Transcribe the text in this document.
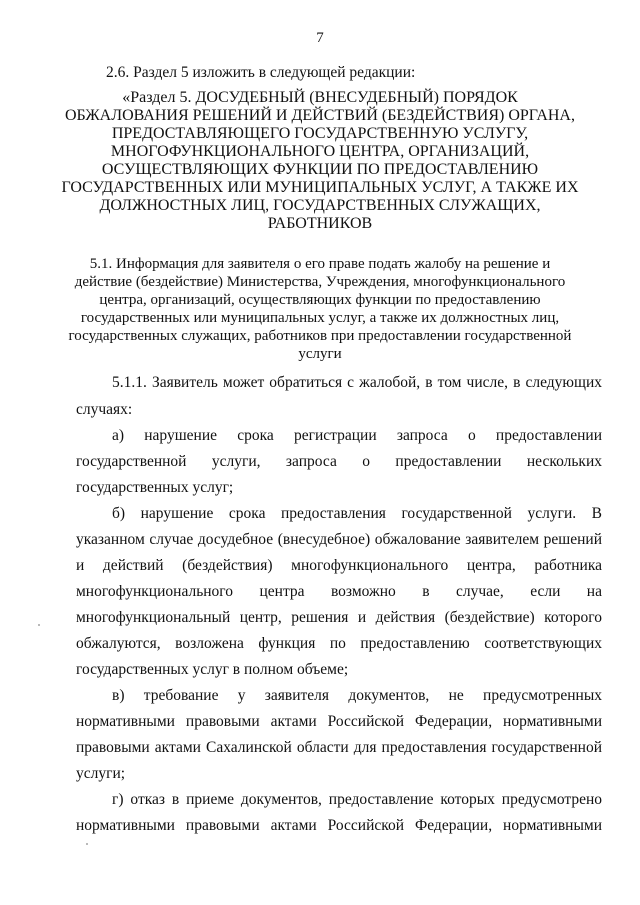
7
2.6. Раздел 5 изложить в следующей редакции:
«Раздел 5. ДОСУДЕБНЫЙ (ВНЕСУДЕБНЫЙ) ПОРЯДОК
ОБЖАЛОВАНИЯ РЕШЕНИЙ И ДЕЙСТВИЙ (БЕЗДЕЙСТВИЯ) ОРГАНА,
ПРЕДОСТАВЛЯЮЩЕГО ГОСУДАРСТВЕННУЮ УСЛУГУ,
МНОГОФУНКЦИОНАЛЬНОГО ЦЕНТРА, ОРГАНИЗАЦИЙ,
ОСУЩЕСТВЛЯЮЩИХ ФУНКЦИИ ПО ПРЕДОСТАВЛЕНИЮ
ГОСУДАРСТВЕННЫХ ИЛИ МУНИЦИПАЛЬНЫХ УСЛУГ, А ТАКЖЕ ИХ
ДОЛЖНОСТНЫХ ЛИЦ, ГОСУДАРСТВЕННЫХ СЛУЖАЩИХ,
РАБОТНИКОВ
5.1. Информация для заявителя о его праве подать жалобу на решение и
действие (бездействие) Министерства, Учреждения, многофункционального
центра, организаций, осуществляющих функции по предоставлению
государственных или муниципальных услуг, а также их должностных лиц,
государственных служащих, работников при предоставлении государственной
услуги
5.1.1. Заявитель может обратиться с жалобой, в том числе, в следующих
случаях:
а) нарушение срока регистрации запроса о предоставлении
государственной услуги, запроса о предоставлении нескольких
государственных услуг;
б) нарушение срока предоставления государственной услуги. В
указанном случае досудебное (внесудебное) обжалование заявителем решений
и действий (бездействия) многофункционального центра, работника
многофункционального центра возможно в случае, если на
многофункциональный центр, решения и действия (бездействие) которого
обжалуются, возложена функция по предоставлению соответствующих
государственных услуг в полном объеме;
в) требование у заявителя документов, не предусмотренных
нормативными правовыми актами Российской Федерации, нормативными
правовыми актами Сахалинской области для предоставления государственной
услуги;
г) отказ в приеме документов, предоставление которых предусмотрено
нормативными правовыми актами Российской Федерации, нормативными
